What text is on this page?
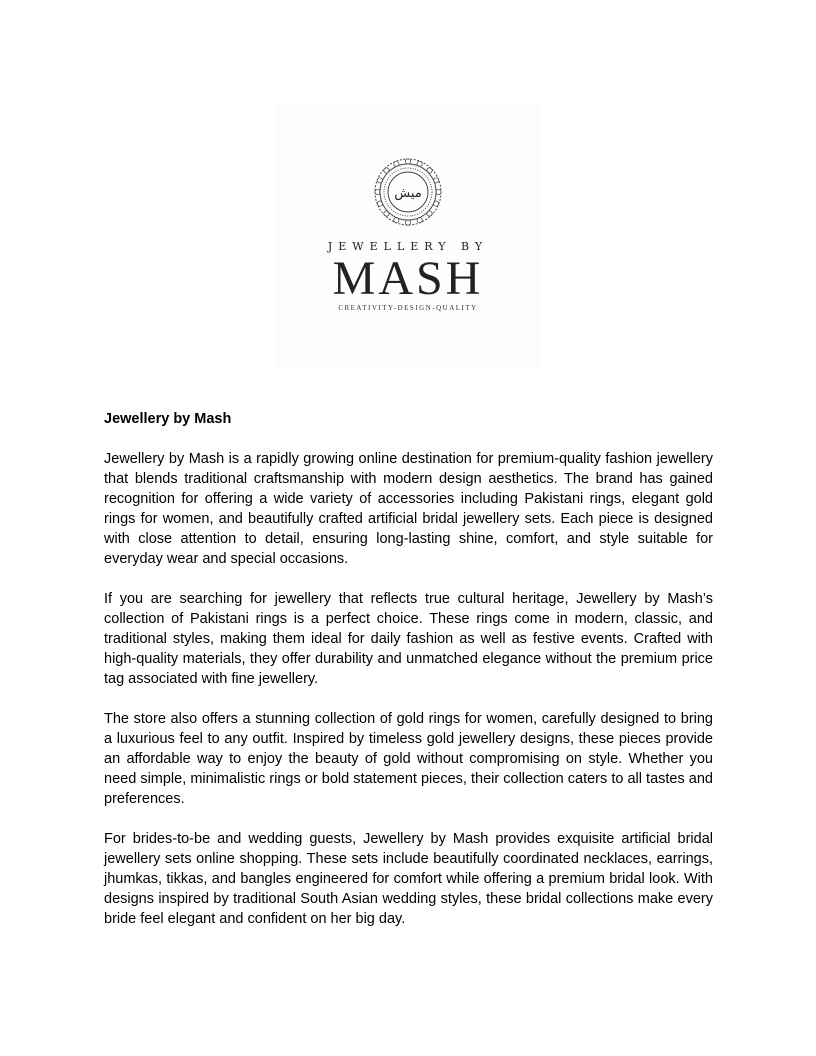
میش
JEWELLERY BY
MASH
CREATIVITY-DESIGN-QUALITY

Jewellery by Mash

Jewellery by Mash is a rapidly growing online destination for premium-quality fashion jewellery that blends traditional craftsmanship with modern design aesthetics. The brand has gained recognition for offering a wide variety of accessories including Pakistani rings, elegant gold rings for women, and beautifully crafted artificial bridal jewellery sets. Each piece is designed with close attention to detail, ensuring long-lasting shine, comfort, and style suitable for everyday wear and special occasions.

If you are searching for jewellery that reflects true cultural heritage, Jewellery by Mash’s collection of Pakistani rings is a perfect choice. These rings come in modern, classic, and traditional styles, making them ideal for daily fashion as well as festive events. Crafted with high-quality materials, they offer durability and unmatched elegance without the premium price tag associated with fine jewellery.

The store also offers a stunning collection of gold rings for women, carefully designed to bring a luxurious feel to any outfit. Inspired by timeless gold jewellery designs, these pieces provide an affordable way to enjoy the beauty of gold without compromising on style. Whether you need simple, minimalistic rings or bold statement pieces, their collection caters to all tastes and preferences.

For brides-to-be and wedding guests, Jewellery by Mash provides exquisite artificial bridal jewellery sets online shopping. These sets include beautifully coordinated necklaces, earrings, jhumkas, tikkas, and bangles engineered for comfort while offering a premium bridal look. With designs inspired by traditional South Asian wedding styles, these bridal collections make every bride feel elegant and confident on her big day.
